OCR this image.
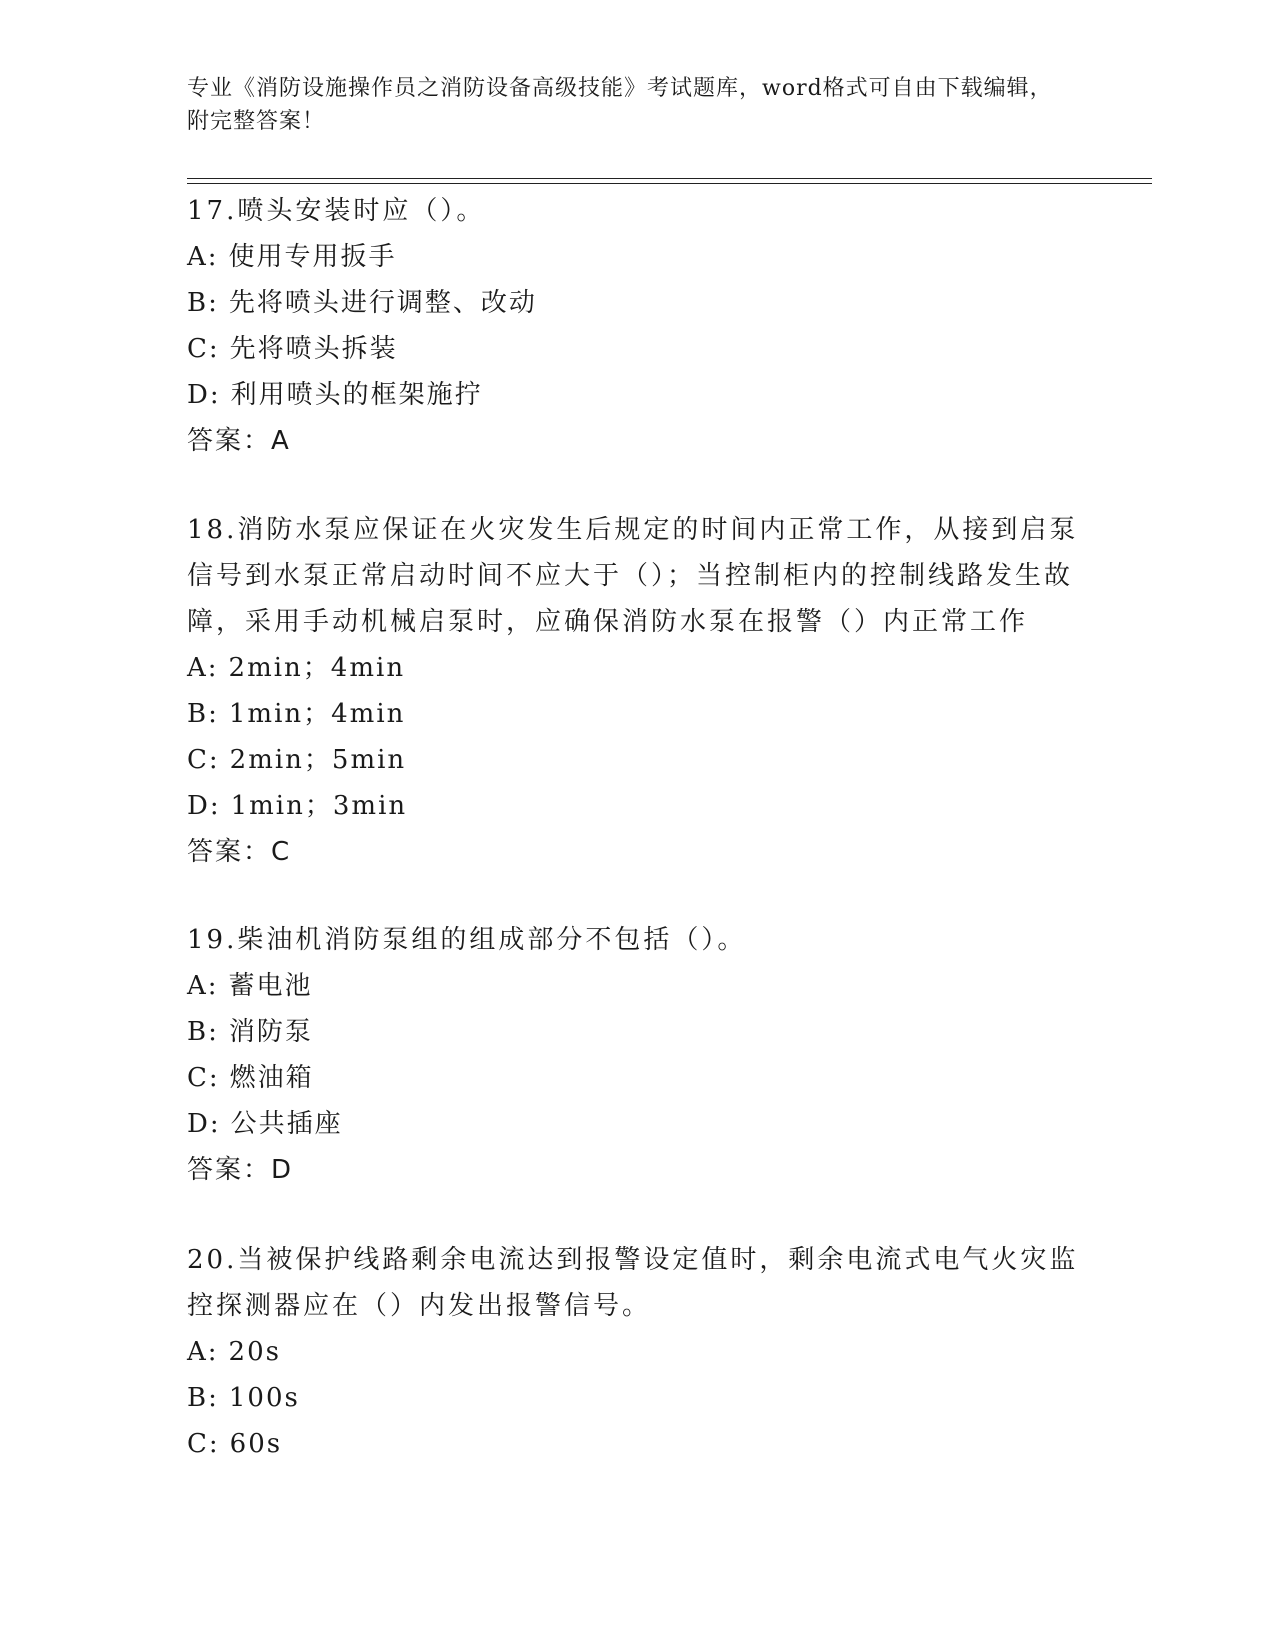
专业《消防设施操作员之消防设备高级技能》考试题库，word格式可自由下载编辑，附完整答案！

17.喷头安装时应（）。

A: 使用专用扳手

B: 先将喷头进行调整、改动

C: 先将喷头拆装

D: 利用喷头的框架施拧

答案：A

18.消防水泵应保证在火灾发生后规定的时间内正常工作，从接到启泵信号到水泵正常启动时间不应大于（）；当控制柜内的控制线路发生故障，采用手动机械启泵时，应确保消防水泵在报警（）内正常工作

A: 2min；4min

B: 1min；4min

C: 2min；5min

D: 1min；3min

答案：C

19.柴油机消防泵组的组成部分不包括（）。

A: 蓄电池

B: 消防泵

C: 燃油箱

D: 公共插座

答案：D

20.当被保护线路剩余电流达到报警设定值时，剩余电流式电气火灾监控探测器应在（）内发出报警信号。

A: 20s

B: 100s

C: 60s
